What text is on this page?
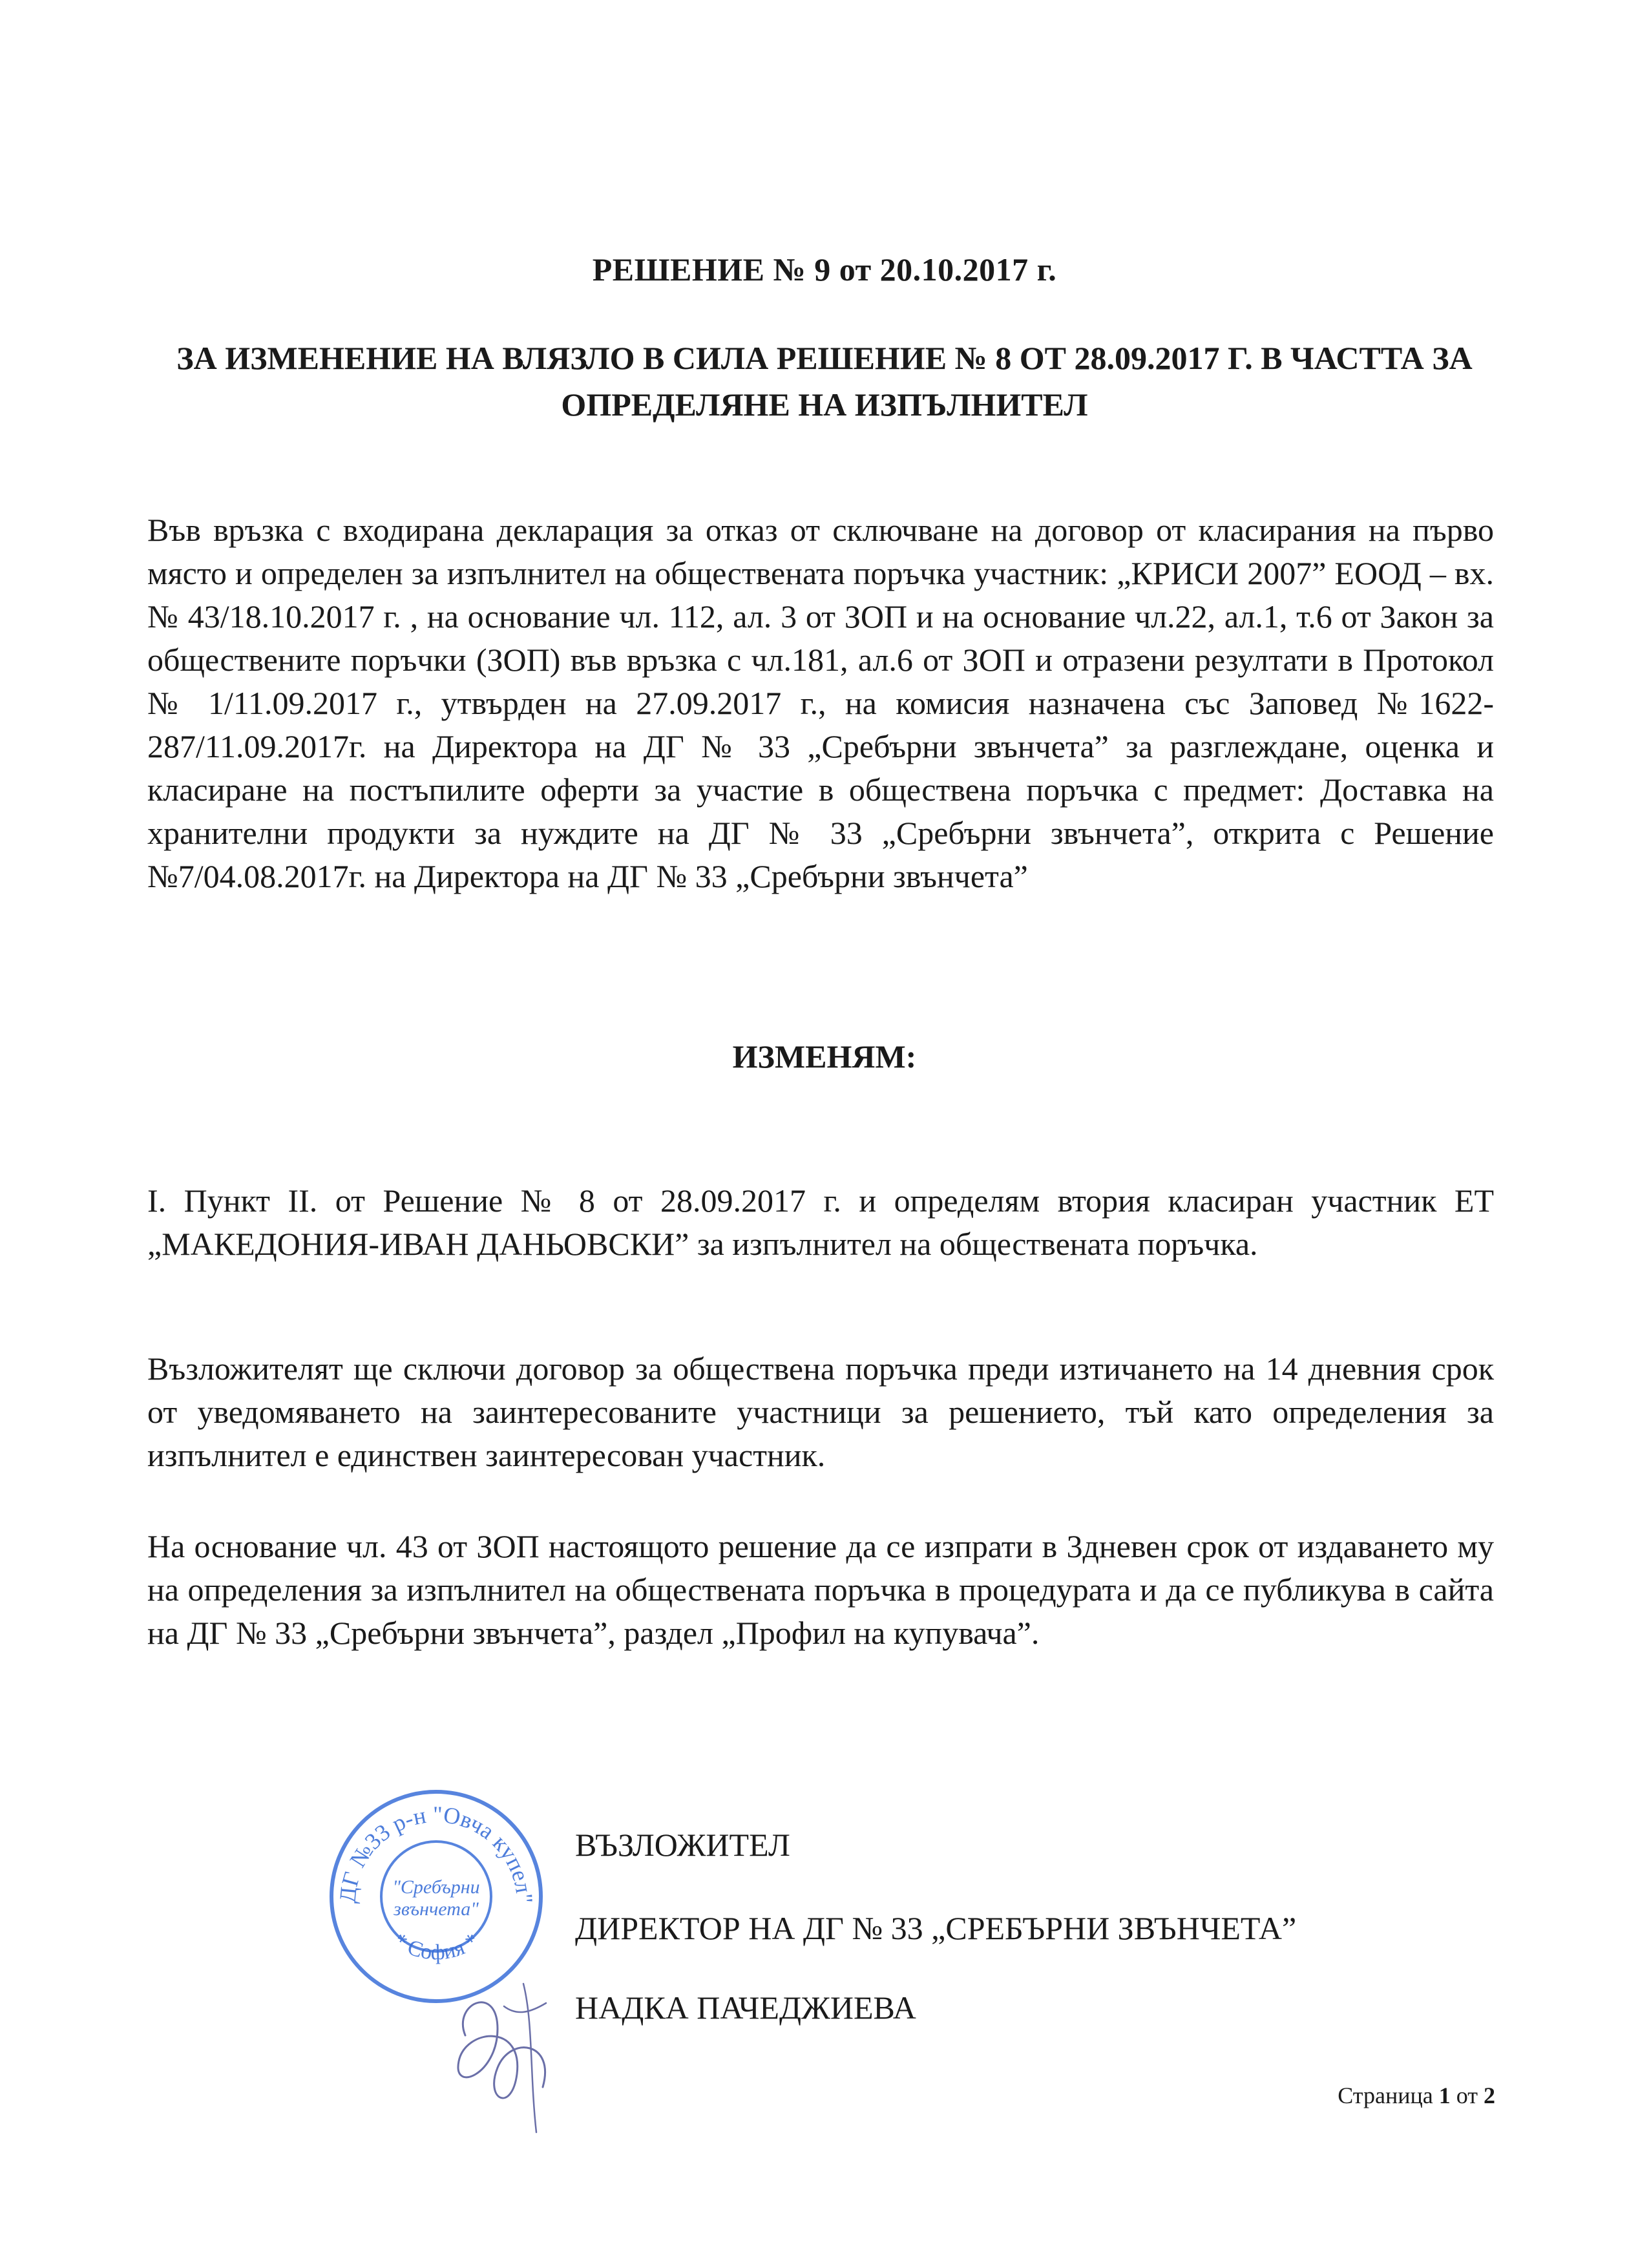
РЕШЕНИЕ № 9 от 20.10.2017 г.
ЗА ИЗМЕНЕНИЕ НА ВЛЯЗЛО В СИЛА РЕШЕНИЕ № 8 ОТ 28.09.2017 Г. В ЧАСТТА ЗА ОПРЕДЕЛЯНЕ НА ИЗПЪЛНИТЕЛ
Във връзка с входирана декларация за отказ от сключване на договор от класирания на първо място и определен за изпълнител на обществената поръчка участник: „КРИСИ 2007” ЕООД – вх. № 43/18.10.2017 г. , на основание чл. 112, ал. 3 от ЗОП и на основание чл.22, ал.1, т.6 от Закон за обществените поръчки (ЗОП) във връзка с чл.181, ал.6 от ЗОП и отразени резултати в Протокол № 1/11.09.2017 г., утвърден на 27.09.2017 г., на комисия назначена със Заповед №1622-287/11.09.2017г. на Директора на ДГ № 33 „Сребърни звънчета” за разглеждане, оценка и класиране на постъпилите оферти за участие в обществена поръчка с предмет: Доставка на хранителни продукти за нуждите на ДГ № 33 „Сребърни звънчета”, открита с Решение №7/04.08.2017г. на Директора на ДГ № 33 „Сребърни звънчета”
ИЗМЕНЯМ:
I. Пункт II. от Решение № 8 от 28.09.2017 г. и определям втория класиран участник ЕТ „МАКЕДОНИЯ-ИВАН ДАНЬОВСКИ” за изпълнител на обществената поръчка.
Възложителят ще сключи договор за обществена поръчка преди изтичането на 14 дневния срок от уведомяването на заинтересованите участници за решението, тъй като определения за изпълнител е единствен заинтересован участник.
На основание чл. 43 от ЗОП настоящото решение да се изпрати в 3дневен срок от издаването му на определения за изпълнител на обществената поръчка в процедурата и да се публикува в сайта на ДГ № 33 „Сребърни звънчета”, раздел „Профил на купувача”.
ДГ №33 р-н "Овча купел"
* София *
"Сребърни
звънчета"
ВЪЗЛОЖИТЕЛ
ДИРЕКТОР НА ДГ № 33 „СРЕБЪРНИ ЗВЪНЧЕТА”
НАДКА ПАЧЕДЖИЕВА
Страница 1 от 2
